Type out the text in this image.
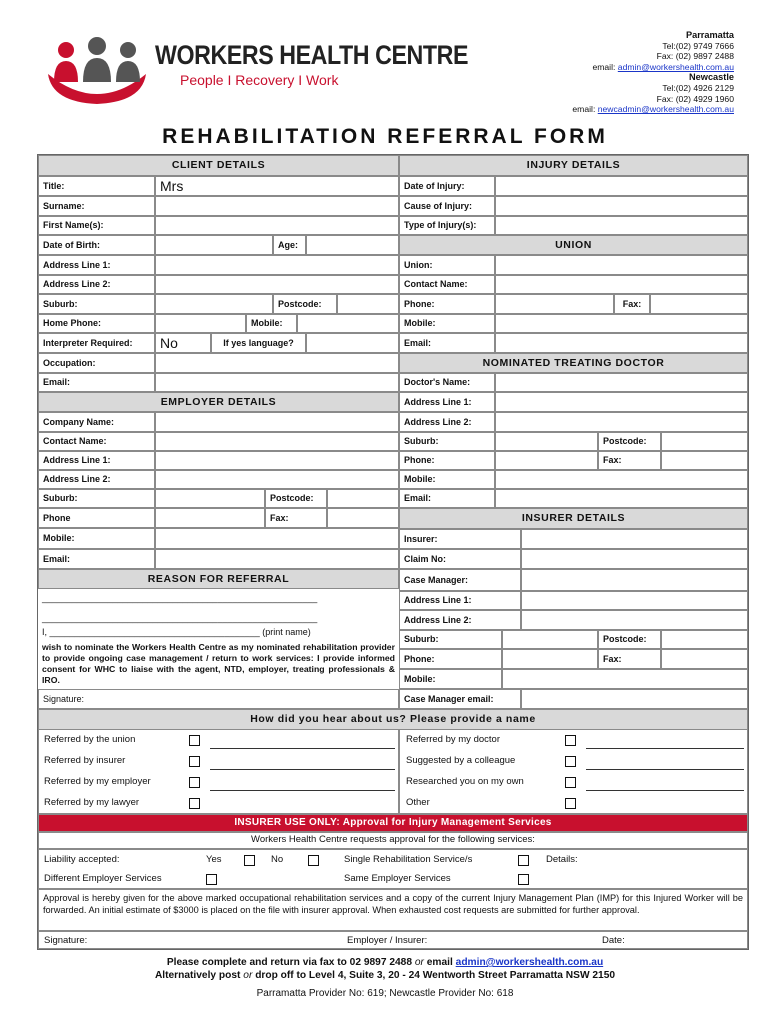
WORKERS HEALTH CENTRE
People I Recovery I Work
Parramatta
Tel:(02) 9749 7666
Fax: (02) 9897 2488
email: admin@workershealth.com.au
Newcastle
Tel:(02) 4926 2129
Fax: (02) 4929 1960
email: newcadmin@workershealth.com.au
REHABILITATION REFERRAL FORM
CLIENT DETAILS
Title:	Mrs
Surname:
First Name(s):
Date of Birth:	Age:
Address Line 1:
Address Line 2:
Suburb:	Postcode:
Home Phone:	Mobile:
Interpreter Required:	No	If yes language?
Occupation:
Email:
EMPLOYER DETAILS
Company Name:
Contact Name:
Address Line 1:
Address Line 2:
Suburb:	Postcode:
Phone	Fax:
Mobile:
Email:
REASON FOR REFERRAL
_______________________________________________________
_______________________________________________________
I, __________________________________________ (print name)
wish to nominate the Workers Health Centre as my nominated rehabilitation provider to provide ongoing case management / return to work services: I provide informed consent for WHC to liaise with the agent, NTD, employer, treating professionals & IRO.
Signature:
INJURY DETAILS
Date of Injury:
Cause of Injury:
Type of Injury(s):
UNION
Union:
Contact Name:
Phone:	Fax:
Mobile:
Email:
NOMINATED TREATING DOCTOR
Doctor's Name:
Address Line 1:
Address Line 2:
Suburb:	Postcode:
Phone:	Fax:
Mobile:
Email:
INSURER DETAILS
Insurer:
Claim No:
Case Manager:
Address Line 1:
Address Line 2:
Suburb:	Postcode:
Phone:	Fax:
Mobile:
Case Manager email:
How did you hear about us? Please provide a name
Referred by the union
Referred by insurer
Referred by my employer
Referred by my lawyer
Referred by my doctor
Suggested by a colleague
Researched you on my own
Other
INSURER USE ONLY: Approval for Injury Management Services
Workers Health Centre requests approval for the following services:
Liability accepted:	Yes	No	Single Rehabilitation Service/s	Details:
Different Employer Services	Same Employer Services
Approval is hereby given for the above marked occupational rehabilitation services and a copy of the current Injury Management Plan (IMP) for this Injured Worker will be forwarded. An initial estimate of $3000 is placed on the file with insurer approval. When exhausted cost requests are submitted for further approval.
Signature:	Employer / Insurer:	Date:
Please complete and return via fax to 02 9897 2488 or email admin@workershealth.com.au
Alternatively post or drop off to Level 4, Suite 3, 20 - 24 Wentworth Street Parramatta NSW 2150
Parramatta Provider No: 619; Newcastle Provider No: 618
